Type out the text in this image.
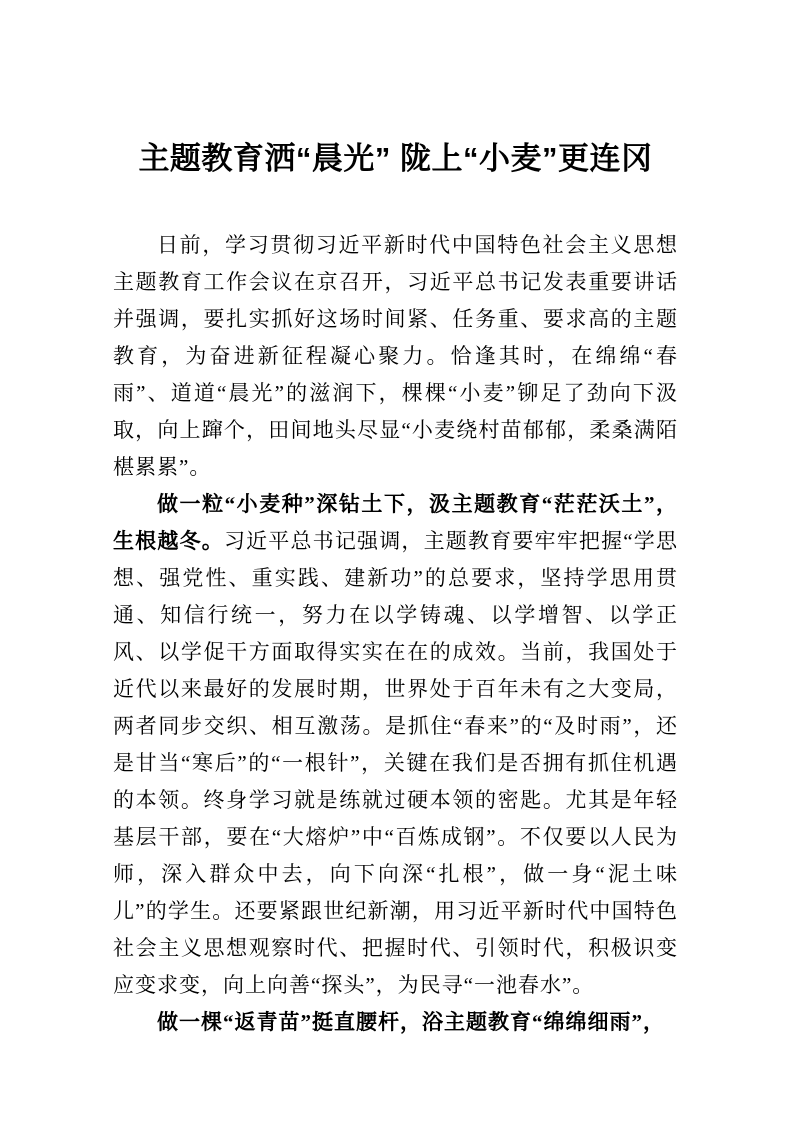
主题教育洒“晨光” 陇上“小麦”更连冈

日前，学习贯彻习近平新时代中国特色社会主义思想主题教育工作会议在京召开，习近平总书记发表重要讲话并强调，要扎实抓好这场时间紧、任务重、要求高的主题教育，为奋进新征程凝心聚力。恰逢其时，在绵绵“春雨”、道道“晨光”的滋润下，棵棵“小麦”铆足了劲向下汲取，向上蹿个，田间地头尽显“小麦绕村苗郁郁，柔桑满陌椹累累”。

做一粒“小麦种”深钻土下，汲主题教育“茫茫沃土”，生根越冬。习近平总书记强调，主题教育要牢牢把握“学思想、强党性、重实践、建新功”的总要求，坚持学思用贯通、知信行统一，努力在以学铸魂、以学增智、以学正风、以学促干方面取得实实在在的成效。当前，我国处于近代以来最好的发展时期，世界处于百年未有之大变局，两者同步交织、相互激荡。是抓住“春来”的“及时雨”，还是甘当“寒后”的“一根针”，关键在我们是否拥有抓住机遇的本领。终身学习就是练就过硬本领的密匙。尤其是年轻基层干部，要在“大熔炉”中“百炼成钢”。不仅要以人民为师，深入群众中去，向下向深“扎根”，做一身“泥土味儿”的学生。还要紧跟世纪新潮，用习近平新时代中国特色社会主义思想观察时代、把握时代、引领时代，积极识变应变求变，向上向善“探头”，为民寻“一池春水”。

做一棵“返青苗”挺直腰杆，浴主题教育“绵绵细雨”，
